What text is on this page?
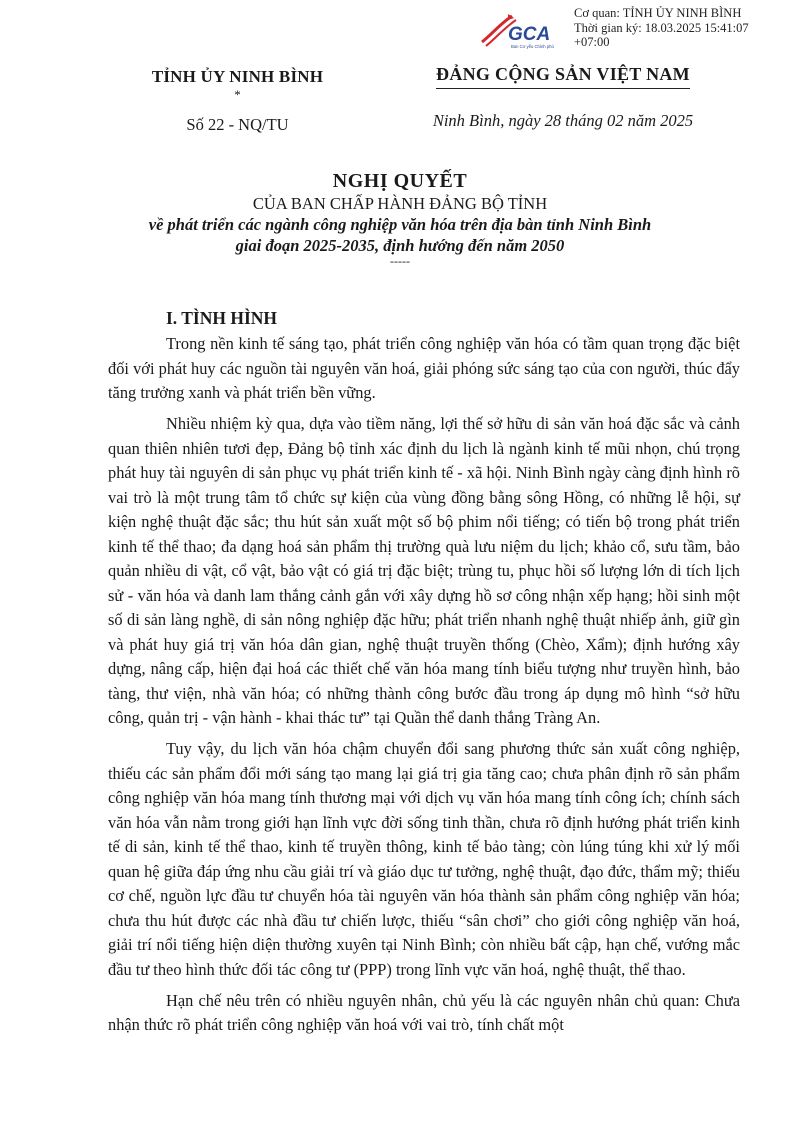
GCA
Ban Cơ yếu Chính phủ
Cơ quan: TỈNH ỦY NINH BÌNH
Thời gian ký: 18.03.2025 15:41:07
+07:00
TỈNH ỦY NINH BÌNH
*
Số 22 - NQ/TU
ĐẢNG CỘNG SẢN VIỆT NAM
Ninh Bình, ngày 28 tháng 02 năm 2025
NGHỊ QUYẾT
CỦA BAN CHẤP HÀNH ĐẢNG BỘ TỈNH
về phát triển các ngành công nghiệp văn hóa trên địa bàn tỉnh Ninh Bình
giai đoạn 2025-2035, định hướng đến năm 2050
-----
I. TÌNH HÌNH

Trong nền kinh tế sáng tạo, phát triển công nghiệp văn hóa có tầm quan trọng đặc biệt đối với phát huy các nguồn tài nguyên văn hoá, giải phóng sức sáng tạo của con người, thúc đẩy tăng trưởng xanh và phát triển bền vững.

Nhiều nhiệm kỳ qua, dựa vào tiềm năng, lợi thế sở hữu di sản văn hoá đặc sắc và cảnh quan thiên nhiên tươi đẹp, Đảng bộ tỉnh xác định du lịch là ngành kinh tế mũi nhọn, chú trọng phát huy tài nguyên di sản phục vụ phát triển kinh tế - xã hội. Ninh Bình ngày càng định hình rõ vai trò là một trung tâm tổ chức sự kiện của vùng đồng bằng sông Hồng, có những lễ hội, sự kiện nghệ thuật đặc sắc; thu hút sản xuất một số bộ phim nổi tiếng; có tiến bộ trong phát triển kinh tế thể thao; đa dạng hoá sản phẩm thị trường quà lưu niệm du lịch; khảo cổ, sưu tầm, bảo quản nhiều di vật, cổ vật, bảo vật có giá trị đặc biệt; trùng tu, phục hồi số lượng lớn di tích lịch sử - văn hóa và danh lam thắng cảnh gắn với xây dựng hồ sơ công nhận xếp hạng; hồi sinh một số di sản làng nghề, di sản nông nghiệp đặc hữu; phát triển nhanh nghệ thuật nhiếp ảnh, giữ gìn và phát huy giá trị văn hóa dân gian, nghệ thuật truyền thống (Chèo, Xẩm); định hướng xây dựng, nâng cấp, hiện đại hoá các thiết chế văn hóa mang tính biểu tượng như truyền hình, bảo tàng, thư viện, nhà văn hóa; có những thành công bước đầu trong áp dụng mô hình “sở hữu công, quản trị - vận hành - khai thác tư” tại Quần thể danh thắng Tràng An.

Tuy vậy, du lịch văn hóa chậm chuyển đổi sang phương thức sản xuất công nghiệp, thiếu các sản phẩm đổi mới sáng tạo mang lại giá trị gia tăng cao; chưa phân định rõ sản phẩm công nghiệp văn hóa mang tính thương mại với dịch vụ văn hóa mang tính công ích; chính sách văn hóa vẫn nằm trong giới hạn lĩnh vực đời sống tinh thần, chưa rõ định hướng phát triển kinh tế di sản, kinh tế thể thao, kinh tế truyền thông, kinh tế bảo tàng; còn lúng túng khi xử lý mối quan hệ giữa đáp ứng nhu cầu giải trí và giáo dục tư tưởng, nghệ thuật, đạo đức, thẩm mỹ; thiếu cơ chế, nguồn lực đầu tư chuyển hóa tài nguyên văn hóa thành sản phẩm công nghiệp văn hóa; chưa thu hút được các nhà đầu tư chiến lược, thiếu “sân chơi” cho giới công nghiệp văn hoá, giải trí nổi tiếng hiện diện thường xuyên tại Ninh Bình; còn nhiều bất cập, hạn chế, vướng mắc đầu tư theo hình thức đối tác công tư (PPP) trong lĩnh vực văn hoá, nghệ thuật, thể thao.

Hạn chế nêu trên có nhiều nguyên nhân, chủ yếu là các nguyên nhân chủ quan: Chưa nhận thức rõ phát triển công nghiệp văn hoá với vai trò, tính chất một
